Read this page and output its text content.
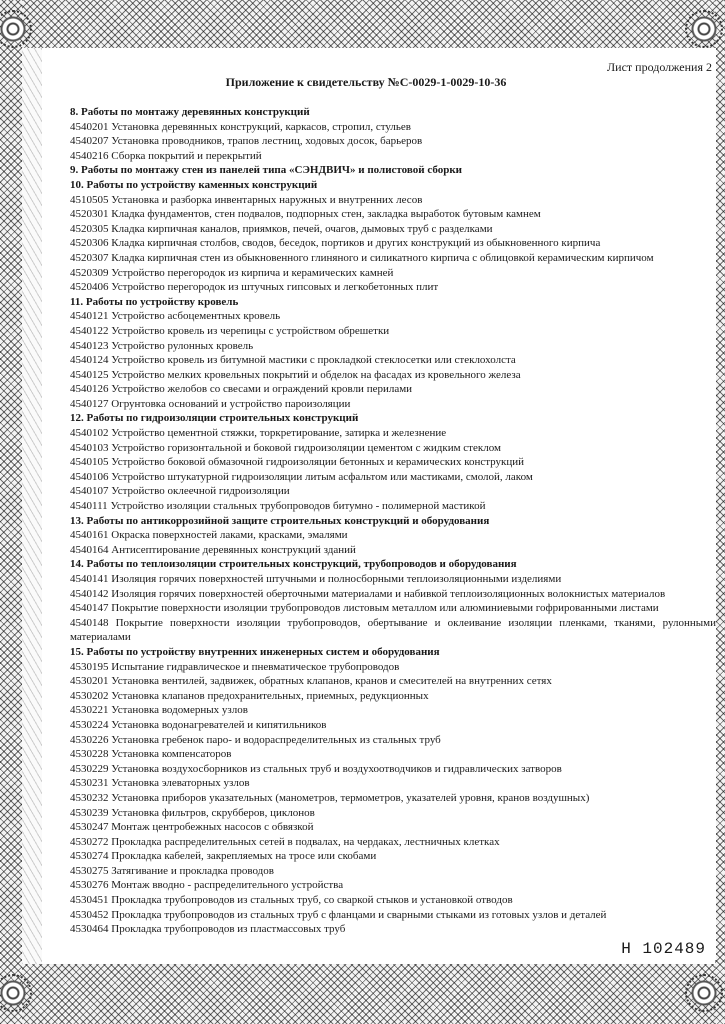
Лист продолжения 2
Приложение к свидетельству №С-0029-1-0029-10-36
8. Работы по монтажу деревянных конструкций
4540201 Установка деревянных конструкций, каркасов, стропил, стульев
4540207 Установка проводников, трапов лестниц, ходовых досок, барьеров
4540216 Сборка покрытий и перекрытий
9. Работы по монтажу стен из панелей типа «СЭНДВИЧ» и полистовой сборки
10. Работы по устройству каменных конструкций
4510505 Установка и разборка инвентарных наружных и внутренних лесов
4520301 Кладка фундаментов, стен подвалов, подпорных стен, закладка выработок бутовым камнем
4520305 Кладка кирпичная каналов, приямков, печей, очагов, дымовых труб с разделками
4520306 Кладка кирпичная столбов, сводов, беседок, портиков и других конструкций из обыкновенного кирпича
4520307 Кладка кирпичная стен из обыкновенного глиняного и силикатного кирпича с облицовкой керамическим кирпичом
4520309 Устройство перегородок из кирпича и керамических камней
4520406 Устройство перегородок из штучных гипсовых и легкобетонных плит
11. Работы по устройству кровель
4540121 Устройство асбоцементных кровель
4540122 Устройство кровель из черепицы с устройством обрешетки
4540123 Устройство рулонных кровель
4540124 Устройство кровель из битумной мастики с прокладкой стеклосетки или стеклохолста
4540125 Устройство мелких кровельных покрытий и обделок на фасадах из кровельного железа
4540126 Устройство желобов со свесами и ограждений кровли перилами
4540127 Огрунтовка оснований и устройство пароизоляции
12. Работы по гидроизоляции строительных конструкций
4540102 Устройство цементной стяжки, торкретирование, затирка и железнение
4540103 Устройство горизонтальной и боковой гидроизоляции цементом с жидким стеклом
4540105 Устройство боковой обмазочной гидроизоляции бетонных и керамических конструкций
4540106 Устройство штукатурной гидроизоляции литым асфальтом или мастиками, смолой, лаком
4540107 Устройство оклеечной гидроизоляции
4540111 Устройство изоляции стальных трубопроводов битумно - полимерной мастикой
13. Работы по антикоррозийной защите строительных конструкций и оборудования
4540161 Окраска поверхностей лаками, красками, эмалями
4540164 Антисептирование деревянных конструкций зданий
14. Работы по теплоизоляции строительных конструкций, трубопроводов и оборудования
4540141 Изоляция горячих поверхностей штучными и полносборными теплоизоляционными изделиями
4540142 Изоляция горячих поверхностей оберточными материалами и набивкой теплоизоляционных волокнистых материалов
4540147 Покрытие поверхности изоляции трубопроводов листовым металлом или алюминиевыми гофрированными листами
4540148 Покрытие поверхности изоляции трубопроводов, обертывание и оклеивание изоляции пленками, тканями, рулонными материалами
15. Работы по устройству внутренних инженерных систем и оборудования
4530195 Испытание гидравлическое и пневматическое трубопроводов
4530201 Установка вентилей, задвижек, обратных клапанов, кранов и смесителей на внутренних сетях
4530202 Установка клапанов предохранительных, приемных, редукционных
4530221 Установка водомерных узлов
4530224 Установка водонагревателей и кипятильников
4530226 Установка гребенок паро- и водораспределительных из стальных труб
4530228 Установка компенсаторов
4530229 Установка воздухосборников из стальных труб и воздухоотводчиков и гидравлических затворов
4530231 Установка элеваторных узлов
4530232 Установка приборов указательных (манометров, термометров, указателей уровня, кранов воздушных)
4530239 Установка фильтров, скрубберов, циклонов
4530247 Монтаж центробежных насосов с обвязкой
4530272 Прокладка распределительных сетей в подвалах, на чердаках, лестничных клетках
4530274 Прокладка кабелей, закрепляемых на тросе или скобами
4530275 Затягивание и прокладка проводов
4530276 Монтаж вводно - распределительного устройства
4530451 Прокладка трубопроводов из стальных труб, со сваркой стыков и установкой отводов
4530452 Прокладка трубопроводов из стальных труб с фланцами и сварными стыками из готовых узлов и деталей
4530464 Прокладка трубопроводов из пластмассовых труб
Н 102489
